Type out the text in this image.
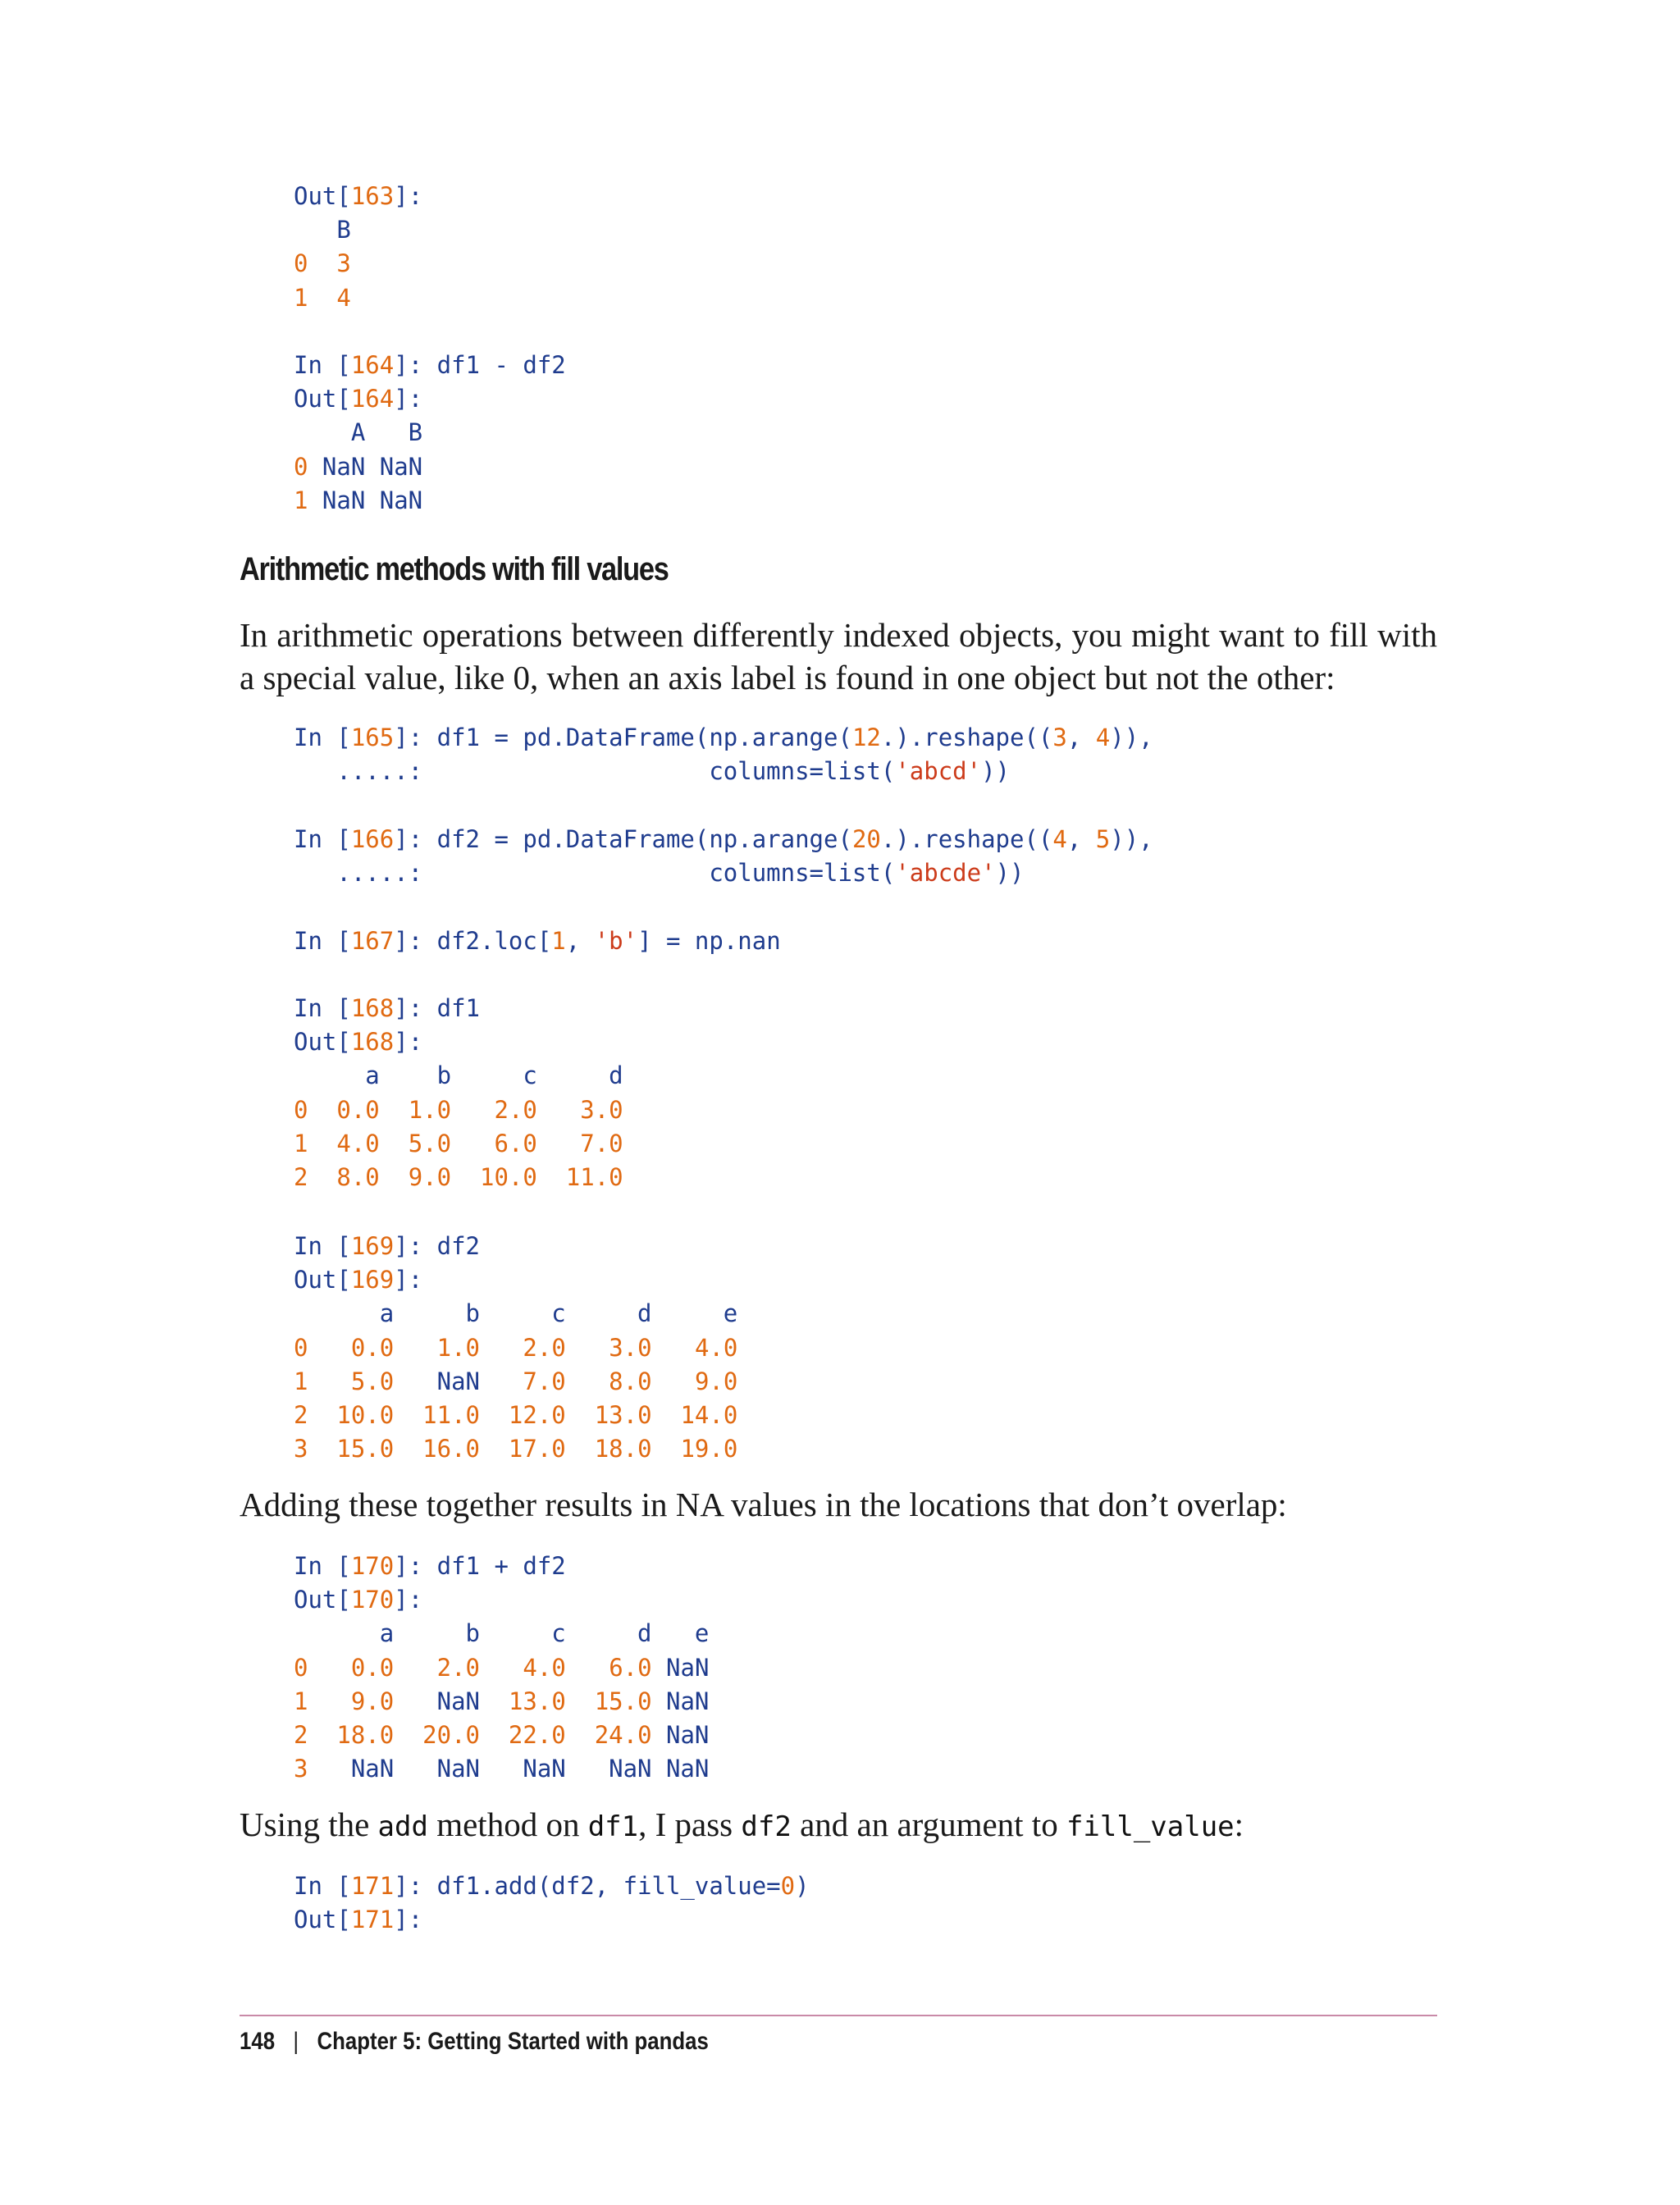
Out[163]:
B
0 3
1 4
In [164]: df1 - df2
Out[164]:
A   B
0 NaN NaN
1 NaN NaN
Arithmetic methods with fill values

In arithmetic operations between differently indexed objects, you might want to fill with a special value, like 0, when an axis label is found in one object but not the other:

In [165]: df1 = pd.DataFrame(np.arange(12.).reshape((3, 4)),
.....:                    columns=list('abcd'))
In [166]: df2 = pd.DataFrame(np.arange(20.).reshape((4, 5)),
.....:                    columns=list('abcde'))
In [167]: df2.loc[1, 'b'] = np.nan
In [168]: df1
Out[168]:
a    b     c     d
0 0.0 1.0 2.0 3.0
1 4.0 5.0 6.0 7.0
2 8.0 9.0 10.0 11.0
In [169]: df2
Out[169]:
a     b     c     d     e
0 0.0 1.0 2.0 3.0 4.0
1 5.0   NaN   7.0 8.0 9.0
2 10.0 11.0 12.0 13.0 14.0
3 15.0 16.0 17.0 18.0 19.0

Adding these together results in NA values in the locations that don’t overlap:

In [170]: df1 + df2
Out[170]:
a     b     c     d   e
0 0.0 2.0 4.0 6.0 NaN
1 9.0   NaN  13.0 15.0 NaN
2 18.0 20.0 22.0 24.0 NaN
3   NaN   NaN   NaN   NaN NaN

Using the add method on df1, I pass df2 and an argument to fill_value:

In [171]: df1.add(df2, fill_value=0)
Out[171]:
148 | Chapter 5: Getting Started with pandas
